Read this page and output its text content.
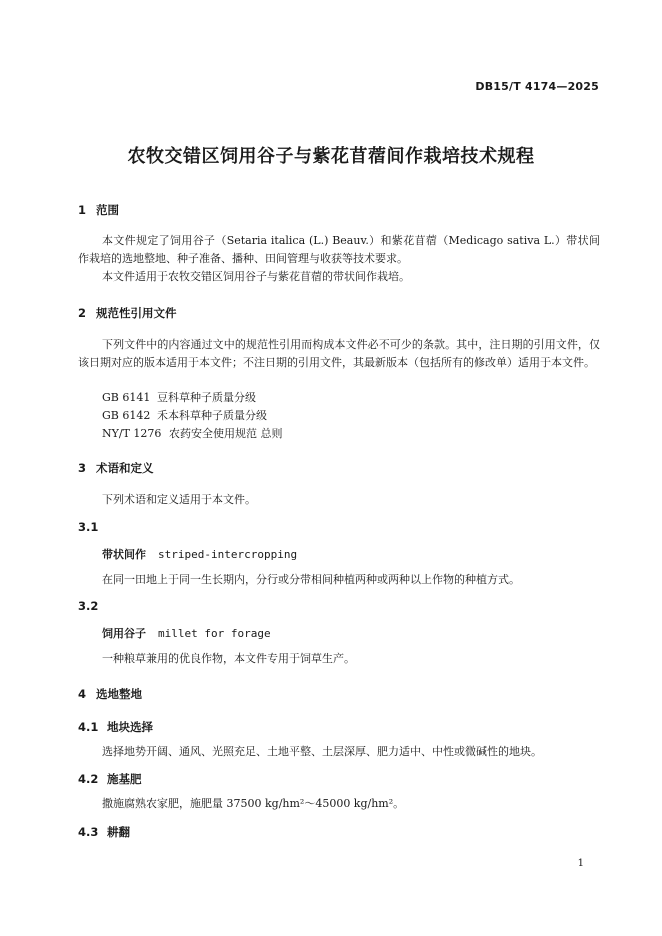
DB15/T 4174—2025
农牧交错区饲用谷子与紫花苜蓿间作栽培技术规程
1 范围
本文件规定了饲用谷子（Setaria italica (L.) Beauv.）和紫花苜蓿（Medicago sativa L.）带状间作栽培的选地整地、种子准备、播种、田间管理与收获等技术要求。
本文件适用于农牧交错区饲用谷子与紫花苜蓿的带状间作栽培。
2 规范性引用文件
下列文件中的内容通过文中的规范性引用而构成本文件必不可少的条款。其中，注日期的引用文件，仅该日期对应的版本适用于本文件；不注日期的引用文件，其最新版本（包括所有的修改单）适用于本文件。
GB 6141 豆科草种子质量分级
GB 6142 禾本科草种子质量分级
NY/T 1276 农药安全使用规范 总则
3 术语和定义
下列术语和定义适用于本文件。
3.1
带状间作 striped-intercropping
在同一田地上于同一生长期内，分行或分带相间种植两种或两种以上作物的种植方式。
3.2
饲用谷子 millet for forage
一种粮草兼用的优良作物，本文件专用于饲草生产。
4 选地整地
4.1 地块选择
选择地势开阔、通风、光照充足、土地平整、土层深厚、肥力适中、中性或微碱性的地块。
4.2 施基肥
撒施腐熟农家肥，施肥量 37500 kg/hm²～45000 kg/hm²。
4.3 耕翻
1
